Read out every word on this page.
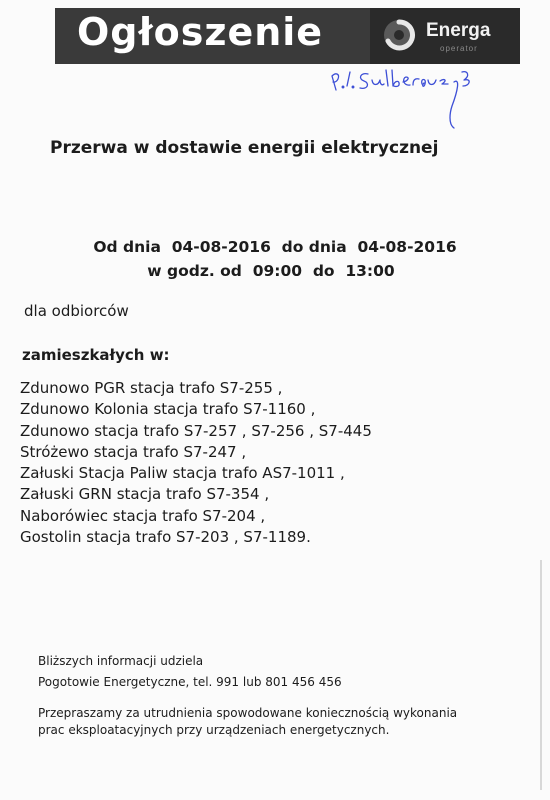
Ogłoszenie	Energa
operator
Przerwa w dostawie energii elektrycznej
Od dnia  04-08-2016  do dnia  04-08-2016
w godz. od  09:00  do  13:00
dla odbiorców
zamieszkałych w:
Zdunowo PGR stacja trafo S7-255 ,
Zdunowo Kolonia stacja trafo S7-1160 ,
Zdunowo stacja trafo S7-257 , S7-256 , S7-445
Stróżewo stacja trafo S7-247 ,
Załuski Stacja Paliw stacja trafo AS7-1011 ,
Załuski GRN stacja trafo S7-354 ,
Naborówiec stacja trafo S7-204 ,
Gostolin stacja trafo S7-203 , S7-1189.
Bliższych informacji udziela
Pogotowie Energetyczne, tel. 991 lub 801 456 456
Przepraszamy za utrudnienia spowodowane koniecznością wykonania
prac eksploatacyjnych przy urządzeniach energetycznych.
